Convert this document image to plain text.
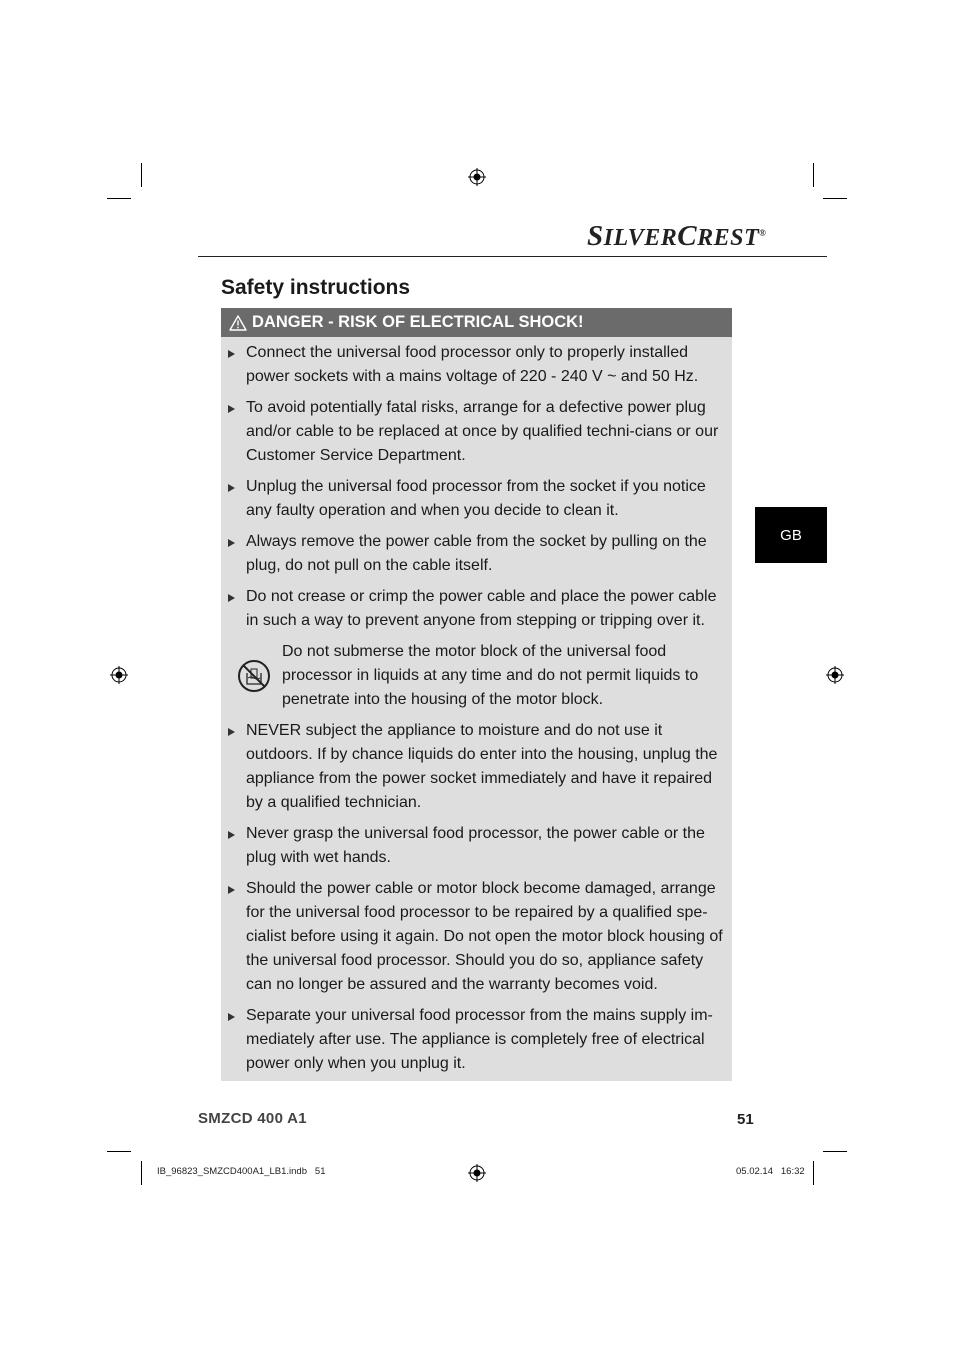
SILVERCREST®
Safety instructions
DANGER - RISK OF ELECTRICAL SHOCK!
Connect the universal food processor only to properly installed power sockets with a mains voltage of 220 - 240 V ~ and 50 Hz.
To avoid potentially fatal risks, arrange for a defective power plug and/or cable to be replaced at once by qualified techni-cians or our Customer Service Department.
Unplug the universal food processor from the socket if you notice any faulty operation and when you decide to clean it.
Always remove the power cable from the socket by pulling on the plug, do not pull on the cable itself.
Do not crease or crimp the power cable and place the power cable in such a way to prevent anyone from stepping or tripping over it.
Do not submerse the motor block of the universal food processor in liquids at any time and do not permit liquids to penetrate into the housing of the motor block.
NEVER subject the appliance to moisture and do not use it outdoors. If by chance liquids do enter into the housing, unplug the appliance from the power socket immediately and have it repaired by a qualified technician.
Never grasp the universal food processor, the power cable or the plug with wet hands.
Should the power cable or motor block become damaged, arrange for the universal food processor to be repaired by a qualified spe-cialist before using it again. Do not open the motor block housing of the universal food processor. Should you do so, appliance safety can no longer be assured and the warranty becomes void.
Separate your universal food processor from the mains supply im-mediately after use. The appliance is completely free of electrical power only when you unplug it.
GB
SMZCD 400 A1	51
IB_96823_SMZCD400A1_LB1.indb   51	05.02.14   16:32
